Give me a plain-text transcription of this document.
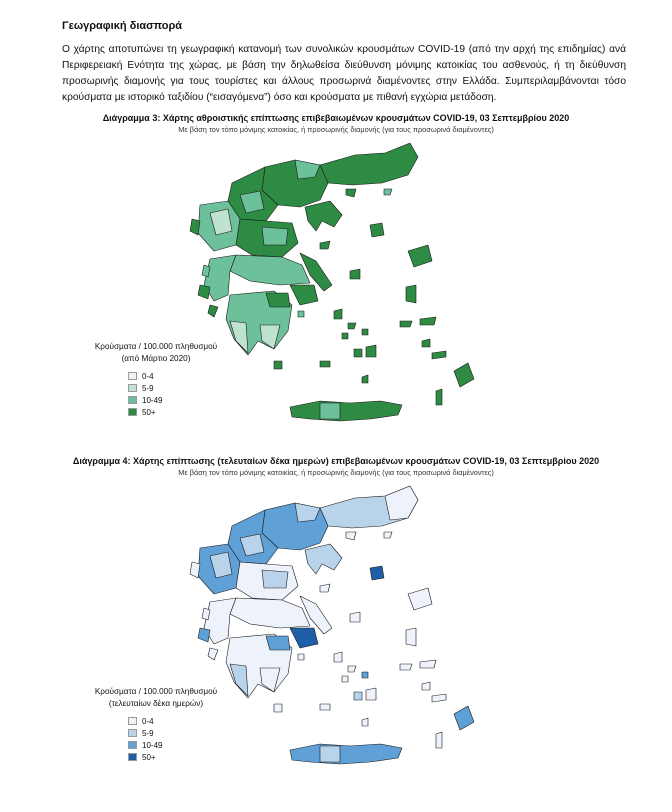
Γεωγραφική διασπορά

Ο χάρτης αποτυπώνει τη γεωγραφική κατανομή των συνολικών κρουσμάτων COVID-19 (από την αρχή της επιδημίας) ανά Περιφερειακή Ενότητα της χώρας, με βάση την δηλωθείσα διεύθυνση μόνιμης κατοικίας του ασθενούς, ή τη διεύθυνση προσωρινής διαμονής για τους τουρίστες και άλλους προσωρινά διαμένοντες στην Ελλάδα. Συμπεριλαμβάνονται τόσο κρούσματα με ιστορικό ταξιδίου (“εισαγόμενα”) όσο και κρούσματα με πιθανή εγχώρια μετάδοση.

Διάγραμμα 3: Χάρτης αθροιστικής επίπτωσης επιβεβαιωμένων κρουσμάτων COVID-19, 03 Σεπτεμβρίου 2020
Με βάση τον τόπο μόνιμης κατοικίας, ή προσωρινής διαμονής (για τους προσωρινά διαμένοντες)
Κρούσματα / 100.000 πληθυσμού
(από Μάρτιο 2020)
0-4
5-9
10-49
50+
Διάγραμμα 4: Χάρτης επίπτωσης (τελευταίων δέκα ημερών) επιβεβαιωμένων κρουσμάτων COVID-19, 03 Σεπτεμβρίου 2020
Με βάση τον τόπο μόνιμης κατοικίας, ή προσωρινής διαμονής (για τους προσωρινά διαμένοντες)
Κρούσματα / 100.000 πληθυσμού
(τελευταίων δέκα ημερών)
0-4
5-9
10-49
50+
